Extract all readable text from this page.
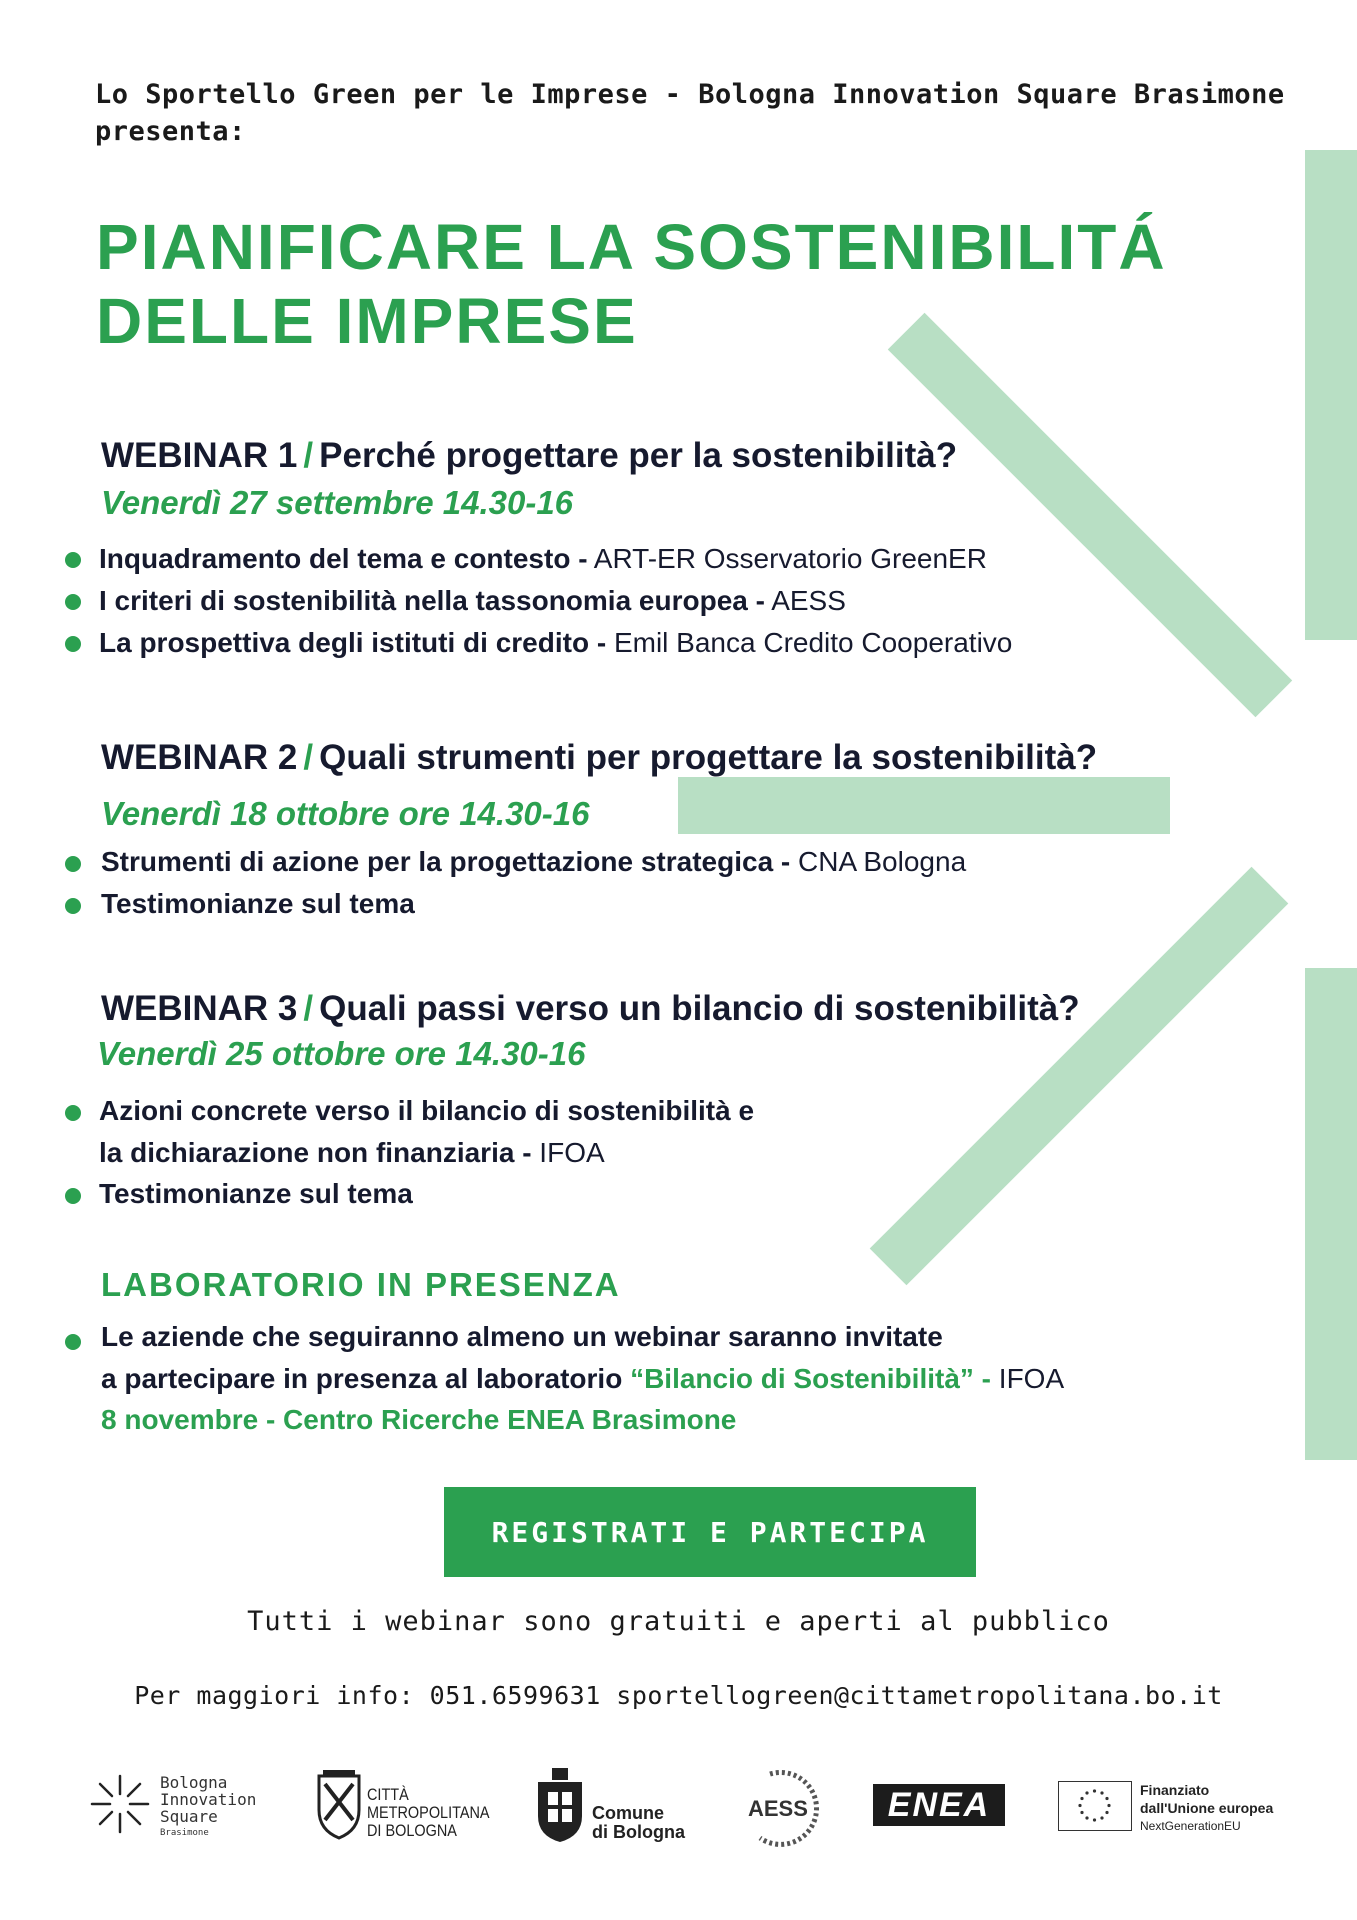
Lo Sportello Green per le Imprese - Bologna Innovation Square Brasimone presenta:
PIANIFICARE LA SOSTENIBILITÁ
DELLE IMPRESE
WEBINAR 1 / Perché progettare per la sostenibilità?
Venerdì 27 settembre 14.30-16
Inquadramento del tema e contesto - ART-ER Osservatorio GreenER
I criteri di sostenibilità nella tassonomia europea - AESS
La prospettiva degli istituti di credito - Emil Banca Credito Cooperativo
WEBINAR 2 / Quali strumenti per progettare la sostenibilità?
Venerdì 18 ottobre ore 14.30-16
Strumenti di azione per la progettazione strategica - CNA Bologna
Testimonianze sul tema
WEBINAR 3 / Quali passi verso un bilancio di sostenibilità?
Venerdì 25 ottobre ore 14.30-16
Azioni concrete verso il bilancio di sostenibilità e
la dichiarazione non finanziaria - IFOA
Testimonianze sul tema
LABORATORIO IN PRESENZA
Le aziende che seguiranno almeno un webinar saranno invitate
a partecipare in presenza al laboratorio “Bilancio di Sostenibilità” - IFOA
8 novembre - Centro Ricerche ENEA Brasimone
REGISTRATI E PARTECIPA
Tutti i webinar sono gratuiti e aperti al pubblico
Per maggiori info: 051.6599631 sportellogreen@cittametropolitana.bo.it
Bologna
Innovation
Square
Brasimone
CITTÀ
METROPOLITANA
DI BOLOGNA
Comune
di Bologna
AESS	ENEA	Finanziato
dall'Unione europea
NextGenerationEU
